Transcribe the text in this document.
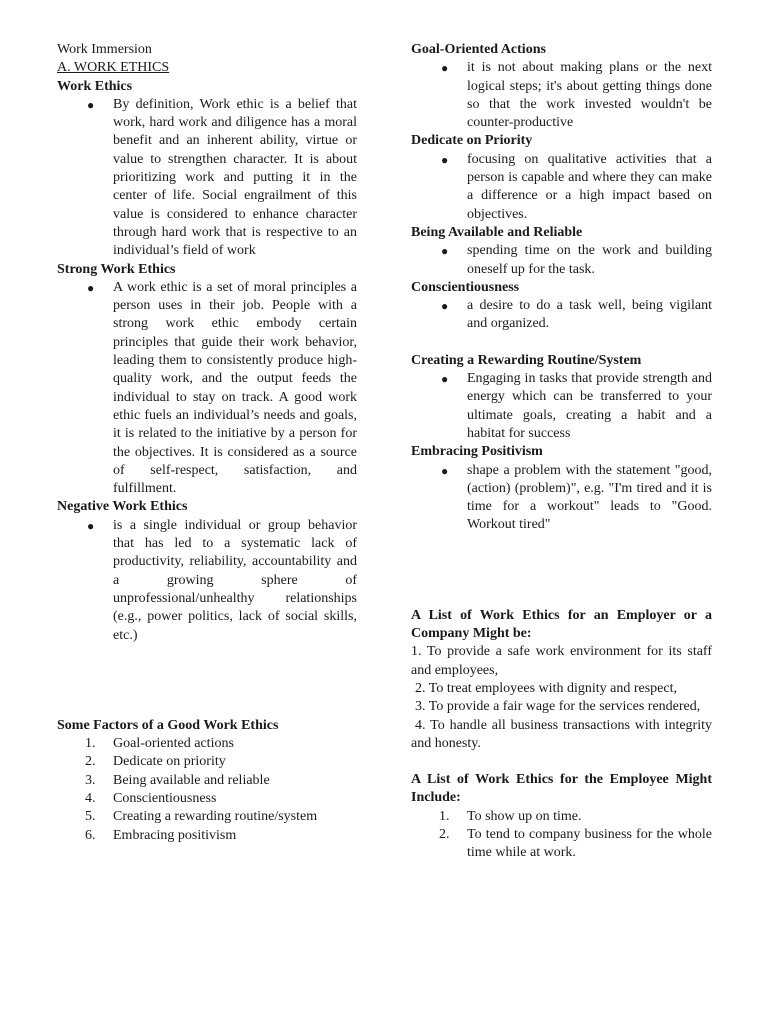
Work Immersion

A. WORK ETHICS

Work Ethics

● By definition, Work ethic is a belief that work, hard work and diligence has a moral benefit and an inherent ability, virtue or value to strengthen character. It is about prioritizing work and putting it in the center of life. Social engrailment of this value is considered to enhance character through hard work that is respective to an individual’s field of work

Strong Work Ethics

● A work ethic is a set of moral principles a person uses in their job. People with a strong work ethic embody certain principles that guide their work behavior, leading them to consistently produce high-quality work, and the output feeds the individual to stay on track. A good work ethic fuels an individual’s needs and goals, it is related to the initiative by a person for the objectives. It is considered as a source of self-respect, satisfaction, and fulfillment.

Negative Work Ethics

● is a single individual or group behavior that has led to a systematic lack of productivity, reliability, accountability and a growing sphere of unprofessional/unhealthy relationships (e.g., power politics, lack of social skills, etc.)

Some Factors of a Good Work Ethics

1. Goal-oriented actions
2. Dedicate on priority
3. Being available and reliable
4. Conscientiousness
5. Creating a rewarding routine/system
6. Embracing positivism

Goal-Oriented Actions

● it is not about making plans or the next logical steps; it's about getting things done so that the work invested wouldn't be counter-productive

Dedicate on Priority

● focusing on qualitative activities that a person is capable and where they can make a difference or a high impact based on objectives.

Being Available and Reliable

● spending time on the work and building oneself up for the task.

Conscientiousness

● a desire to do a task well, being vigilant and organized.

Creating a Rewarding Routine/System

● Engaging in tasks that provide strength and energy which can be transferred to your ultimate goals, creating a habit and a habitat for success

Embracing Positivism

● shape a problem with the statement "good, (action) (problem)", e.g. "I'm tired and it is time for a workout" leads to "Good. Workout tired"

A List of Work Ethics for an Employer or a Company Might be:

1. To provide a safe work environment for its staff and employees,

2. To treat employees with dignity and respect,

3. To provide a fair wage for the services rendered,

4. To handle all business transactions with integrity and honesty.

A List of Work Ethics for the Employee Might Include:

1. To show up on time.
2. To tend to company business for the whole time while at work.
